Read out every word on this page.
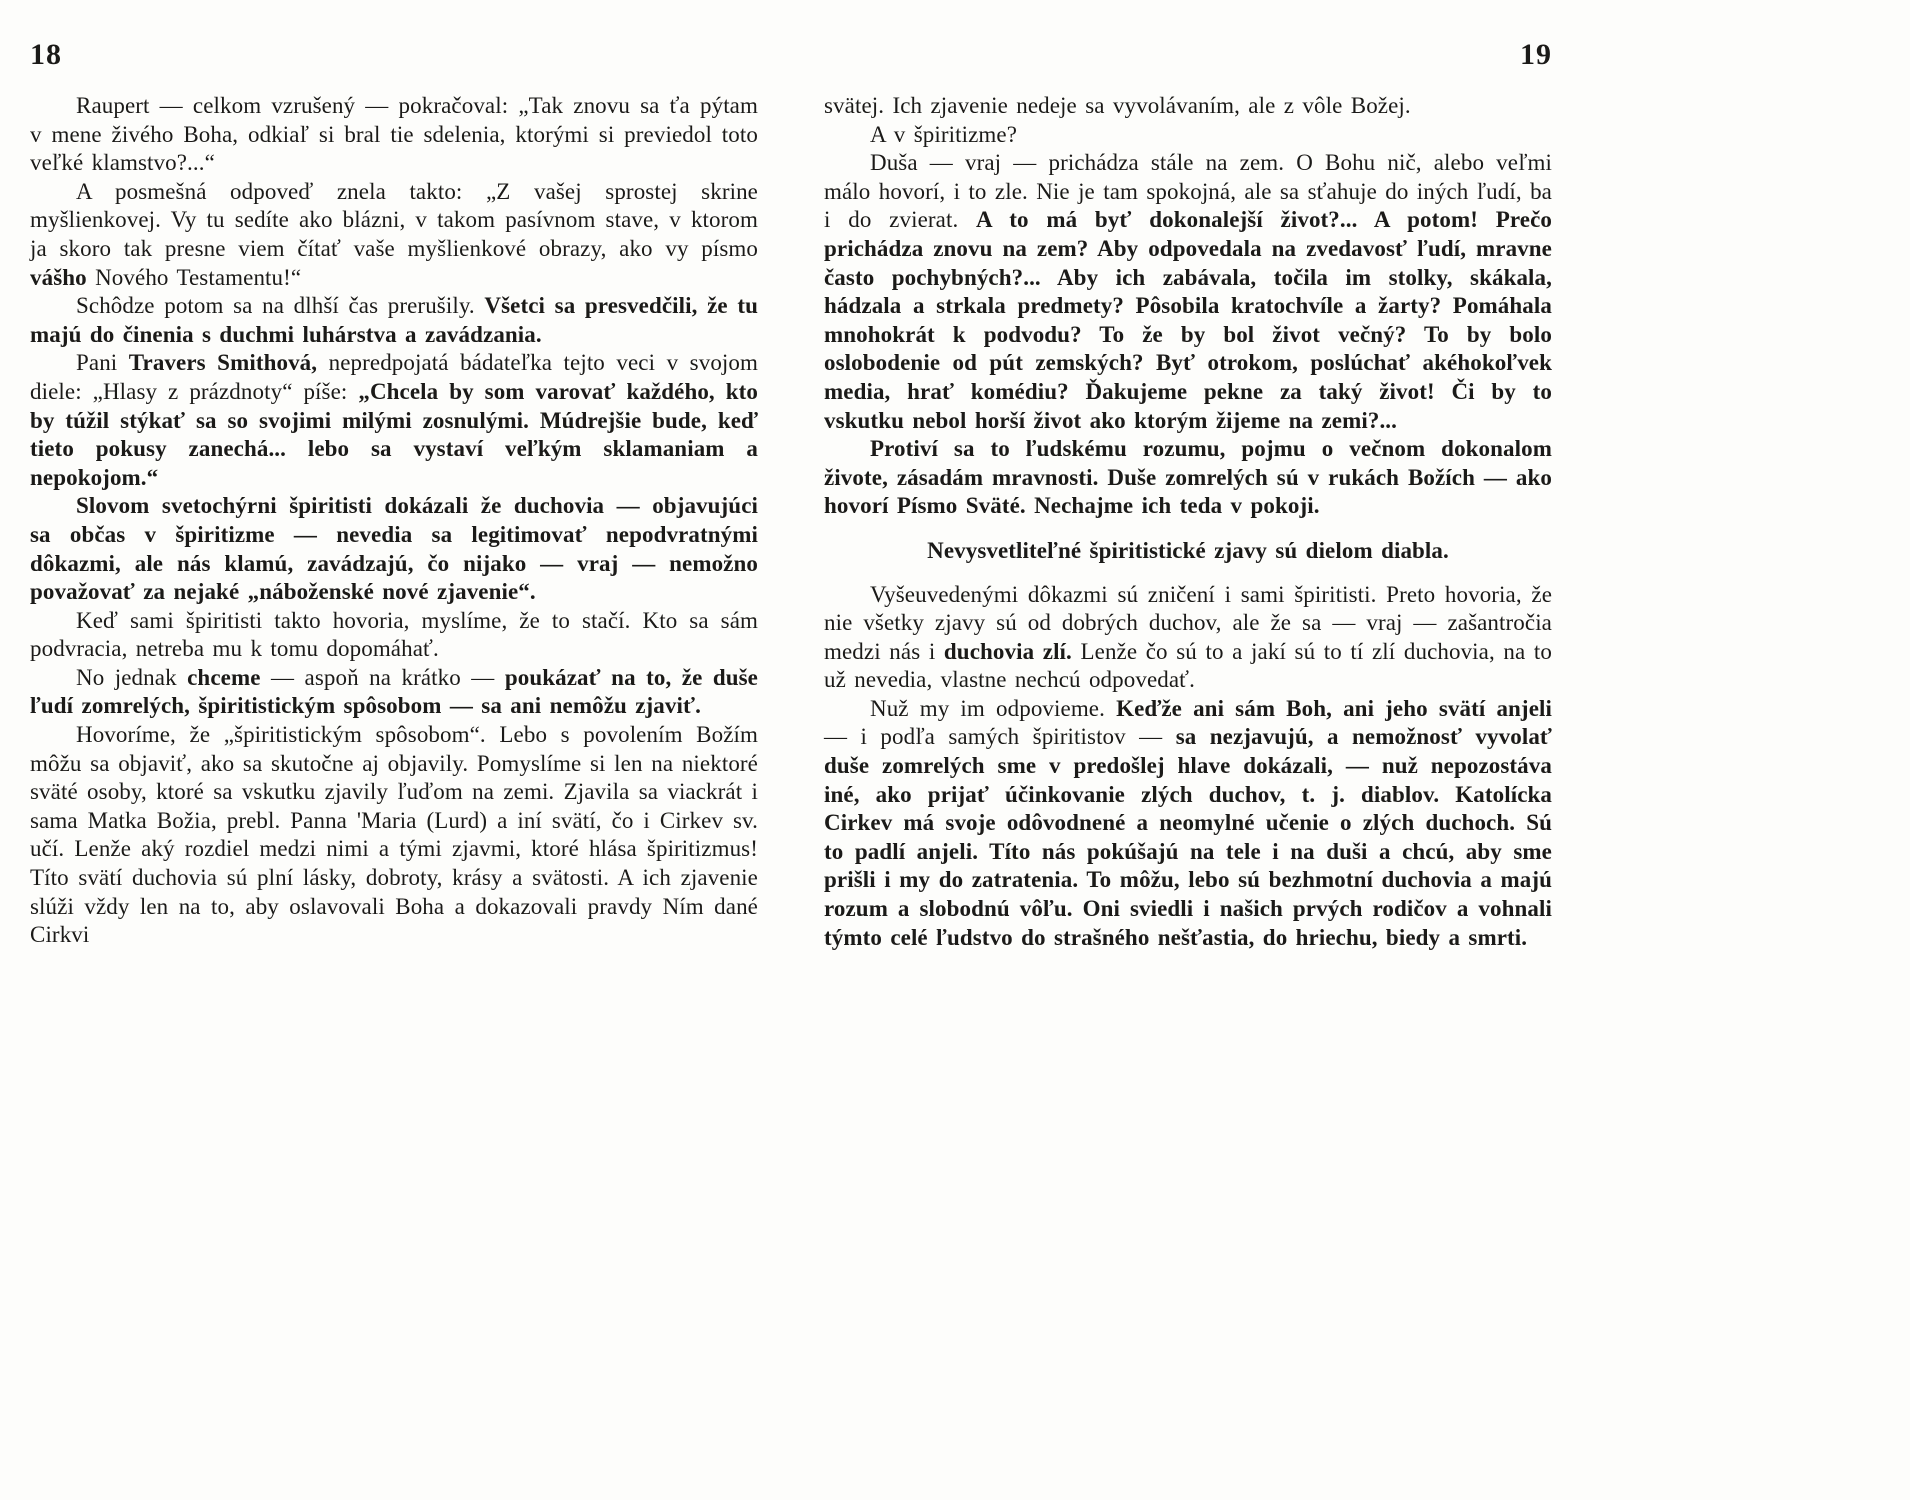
18

Raupert — celkom vzrušený — pokračoval: „Tak znovu sa ťa pýtam v mene živého Boha, odkiaľ si bral tie sdelenia, ktorými si previedol toto veľké klamstvo?...“

A posmešná odpoveď znela takto: „Z vašej sprostej skrine myšlienkovej. Vy tu sedíte ako blázni, v takom pasívnom stave, v ktorom ja skoro tak presne viem čítať vaše myšlienkové obrazy, ako vy písmo vášho Nového Testamentu!“

Schôdze potom sa na dlhší čas prerušily. Všetci sa presvedčili, že tu majú do činenia s duchmi luhárstva a zavádzania.

Pani Travers Smithová, nepredpojatá bádateľka tejto veci v svojom diele: „Hlasy z prázdnoty“ píše: „Chcela by som varovať každého, kto by túžil stýkať sa so svojimi milými zosnulými. Múdrejšie bude, keď tieto pokusy zanechá... lebo sa vystaví veľkým sklamaniam a nepokojom.“

Slovom svetochýrni špiritisti dokázali že duchovia — objavujúci sa občas v špiritizme — nevedia sa legitimovať nepodvratnými dôkazmi, ale nás klamú, zavádzajú, čo nijako — vraj — nemožno považovať za nejaké „náboženské nové zjavenie“.

Keď sami špiritisti takto hovoria, myslíme, že to stačí. Kto sa sám podvracia, netreba mu k tomu dopomáhať.

No jednak chceme — aspoň na krátko — poukázať na to, že duše ľudí zomrelých, špiritistickým spôsobom — sa ani nemôžu zjaviť.

Hovoríme, že „špiritistickým spôsobom“. Lebo s povolením Božím môžu sa objaviť, ako sa skutočne aj objavily. Pomyslíme si len na niektoré sväté osoby, ktoré sa vskutku zjavily ľuďom na zemi. Zjavila sa viackrát i sama Matka Božia, prebl. Panna 'Maria (Lurd) a iní svätí, čo i Cirkev sv. učí. Lenže aký rozdiel medzi nimi a tými zjavmi, ktoré hlása špiritizmus! Títo svätí duchovia sú plní lásky, dobroty, krásy a svätosti. A ich zjavenie slúži vždy len na to, aby oslavovali Boha a dokazovali pravdy Ním dané Cirkvi

19

svätej. Ich zjavenie nedeje sa vyvolávaním, ale z vôle Božej.

A v špiritizme?

Duša — vraj — prichádza stále na zem. O Bohu nič, alebo veľmi málo hovorí, i to zle. Nie je tam spokojná, ale sa sťahuje do iných ľudí, ba i do zvierat. A to má byť dokonalejší život?... A potom! Prečo prichádza znovu na zem? Aby odpovedala na zvedavosť ľudí, mravne často pochybných?... Aby ich zabávala, točila im stolky, skákala, hádzala a strkala predmety? Pôsobila kratochvíle a žarty? Pomáhala mnohokrát k podvodu? To že by bol život večný? To by bolo oslobodenie od pút zemských? Byť otrokom, poslúchať akéhokoľvek media, hrať komédiu? Ďakujeme pekne za taký život! Či by to vskutku nebol horší život ako ktorým žijeme na zemi?...

Protiví sa to ľudskému rozumu, pojmu o večnom dokonalom živote, zásadám mravnosti. Duše zomrelých sú v rukách Božích — ako hovorí Písmo Sväté. Nechajme ich teda v pokoji.

Nevysvetliteľné špiritistické zjavy sú dielom diabla.

Vyšeuvedenými dôkazmi sú zničení i sami špiritisti. Preto hovoria, že nie všetky zjavy sú od dobrých duchov, ale že sa — vraj — zašantročia medzi nás i duchovia zlí. Lenže čo sú to a jakí sú to tí zlí duchovia, na to už nevedia, vlastne nechcú odpovedať.

Nuž my im odpovieme. Keďže ani sám Boh, ani jeho svätí anjeli — i podľa samých špiritistov — sa nezjavujú, a nemožnosť vyvolať duše zomrelých sme v predošlej hlave dokázali, — nuž nepozostáva iné, ako prijať účinkovanie zlých duchov, t. j. diablov. Katolícka Cirkev má svoje odôvodnené a neomylné učenie o zlých duchoch. Sú to padlí anjeli. Títo nás pokúšajú na tele i na duši a chcú, aby sme prišli i my do zatratenia. To môžu, lebo sú bezhmotní duchovia a majú rozum a slobodnú vôľu. Oni sviedli i našich prvých rodičov a vohnali týmto celé ľudstvo do strašného nešťastia, do hriechu, biedy a smrti.
